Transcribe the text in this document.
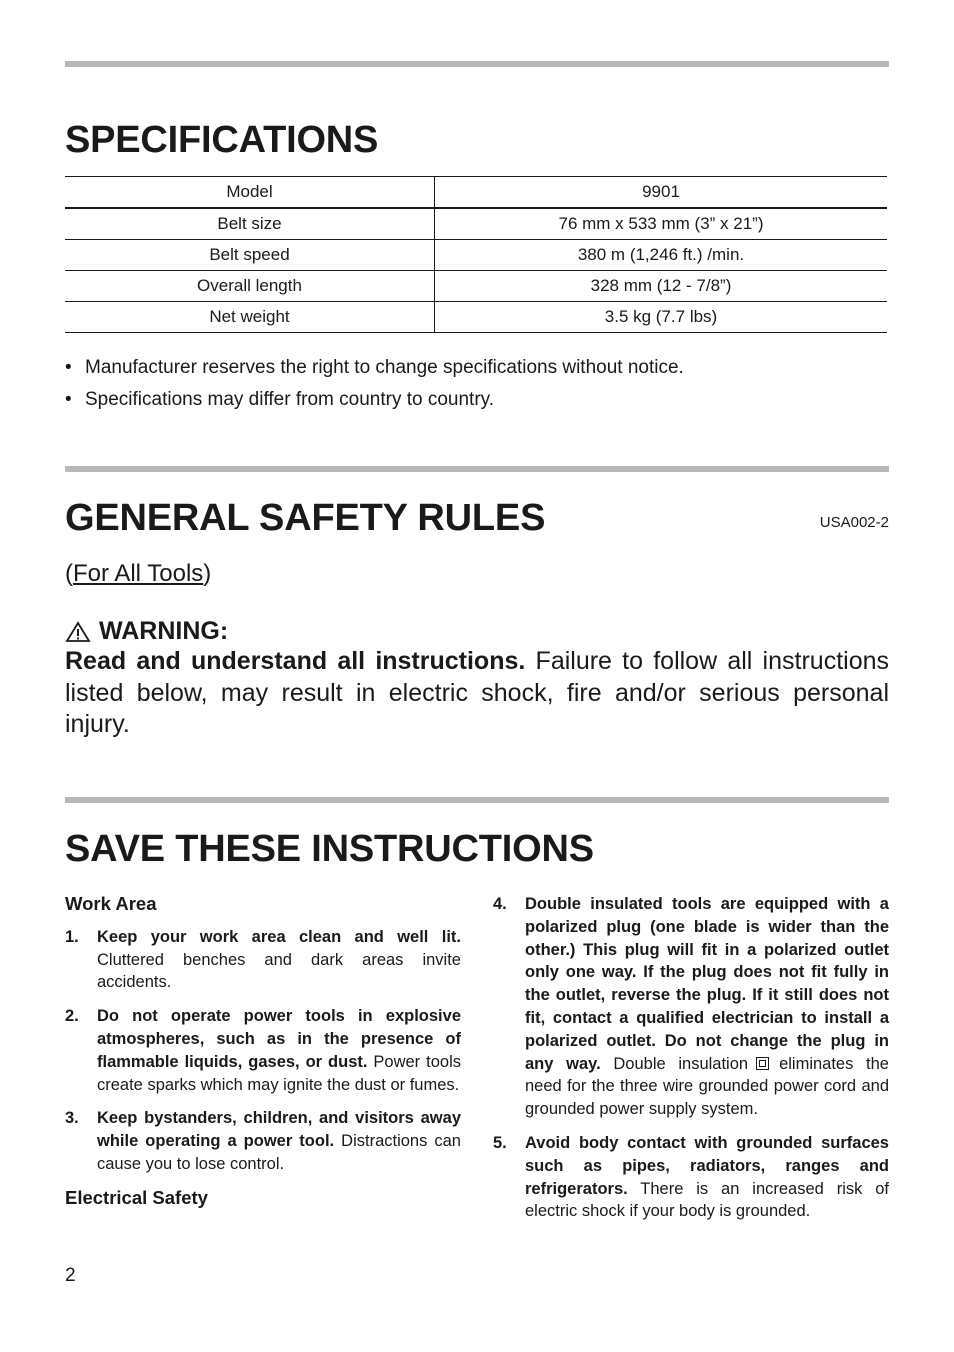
SPECIFICATIONS
Model	9901
Belt size	76 mm x 533 mm (3” x 21”)
Belt speed	380 m (1,246 ft.) /min.
Overall length	328 mm (12 - 7/8”)
Net weight	3.5 kg (7.7 lbs)
• Manufacturer reserves the right to change specifications without notice.
• Specifications may differ from country to country.
GENERAL SAFETY RULES	USA002-2
(For All Tools)
WARNING:
Read and understand all instructions. Failure to follow all instructions listed below, may result in electric shock, fire and/or serious personal injury.
SAVE THESE INSTRUCTIONS
Work Area
1. Keep your work area clean and well lit. Cluttered benches and dark areas invite accidents.
2. Do not operate power tools in explosive atmospheres, such as in the presence of flammable liquids, gases, or dust. Power tools create sparks which may ignite the dust or fumes.
3. Keep bystanders, children, and visitors away while operating a power tool. Distractions can cause you to lose control.
Electrical Safety
4. Double insulated tools are equipped with a polarized plug (one blade is wider than the other.) This plug will fit in a polarized outlet only one way. If the plug does not fit fully in the outlet, reverse the plug. If it still does not fit, contact a qualified electrician to install a polarized outlet. Do not change the plug in any way. Double insulation eliminates the need for the three wire grounded power cord and grounded power supply system.
5. Avoid body contact with grounded surfaces such as pipes, radiators, ranges and refrigerators. There is an increased risk of electric shock if your body is grounded.
2
